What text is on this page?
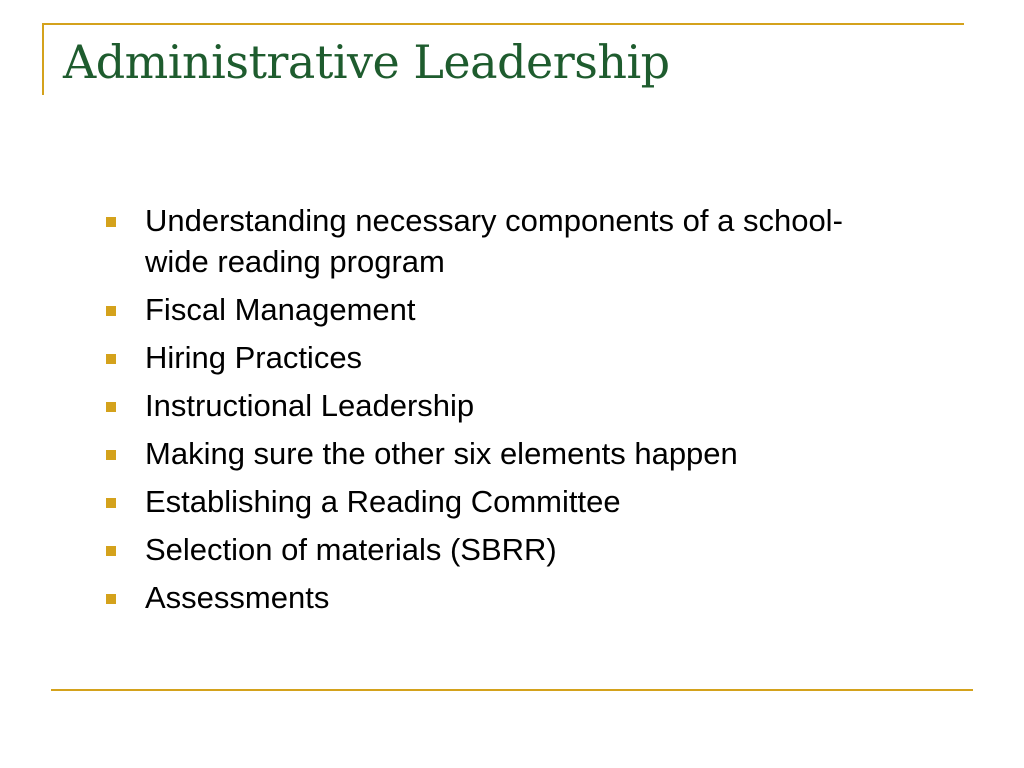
Administrative Leadership
Understanding necessary components of a school-wide reading program
Fiscal Management
Hiring Practices
Instructional Leadership
Making sure the other six elements happen
Establishing a Reading Committee
Selection of materials (SBRR)
Assessments
